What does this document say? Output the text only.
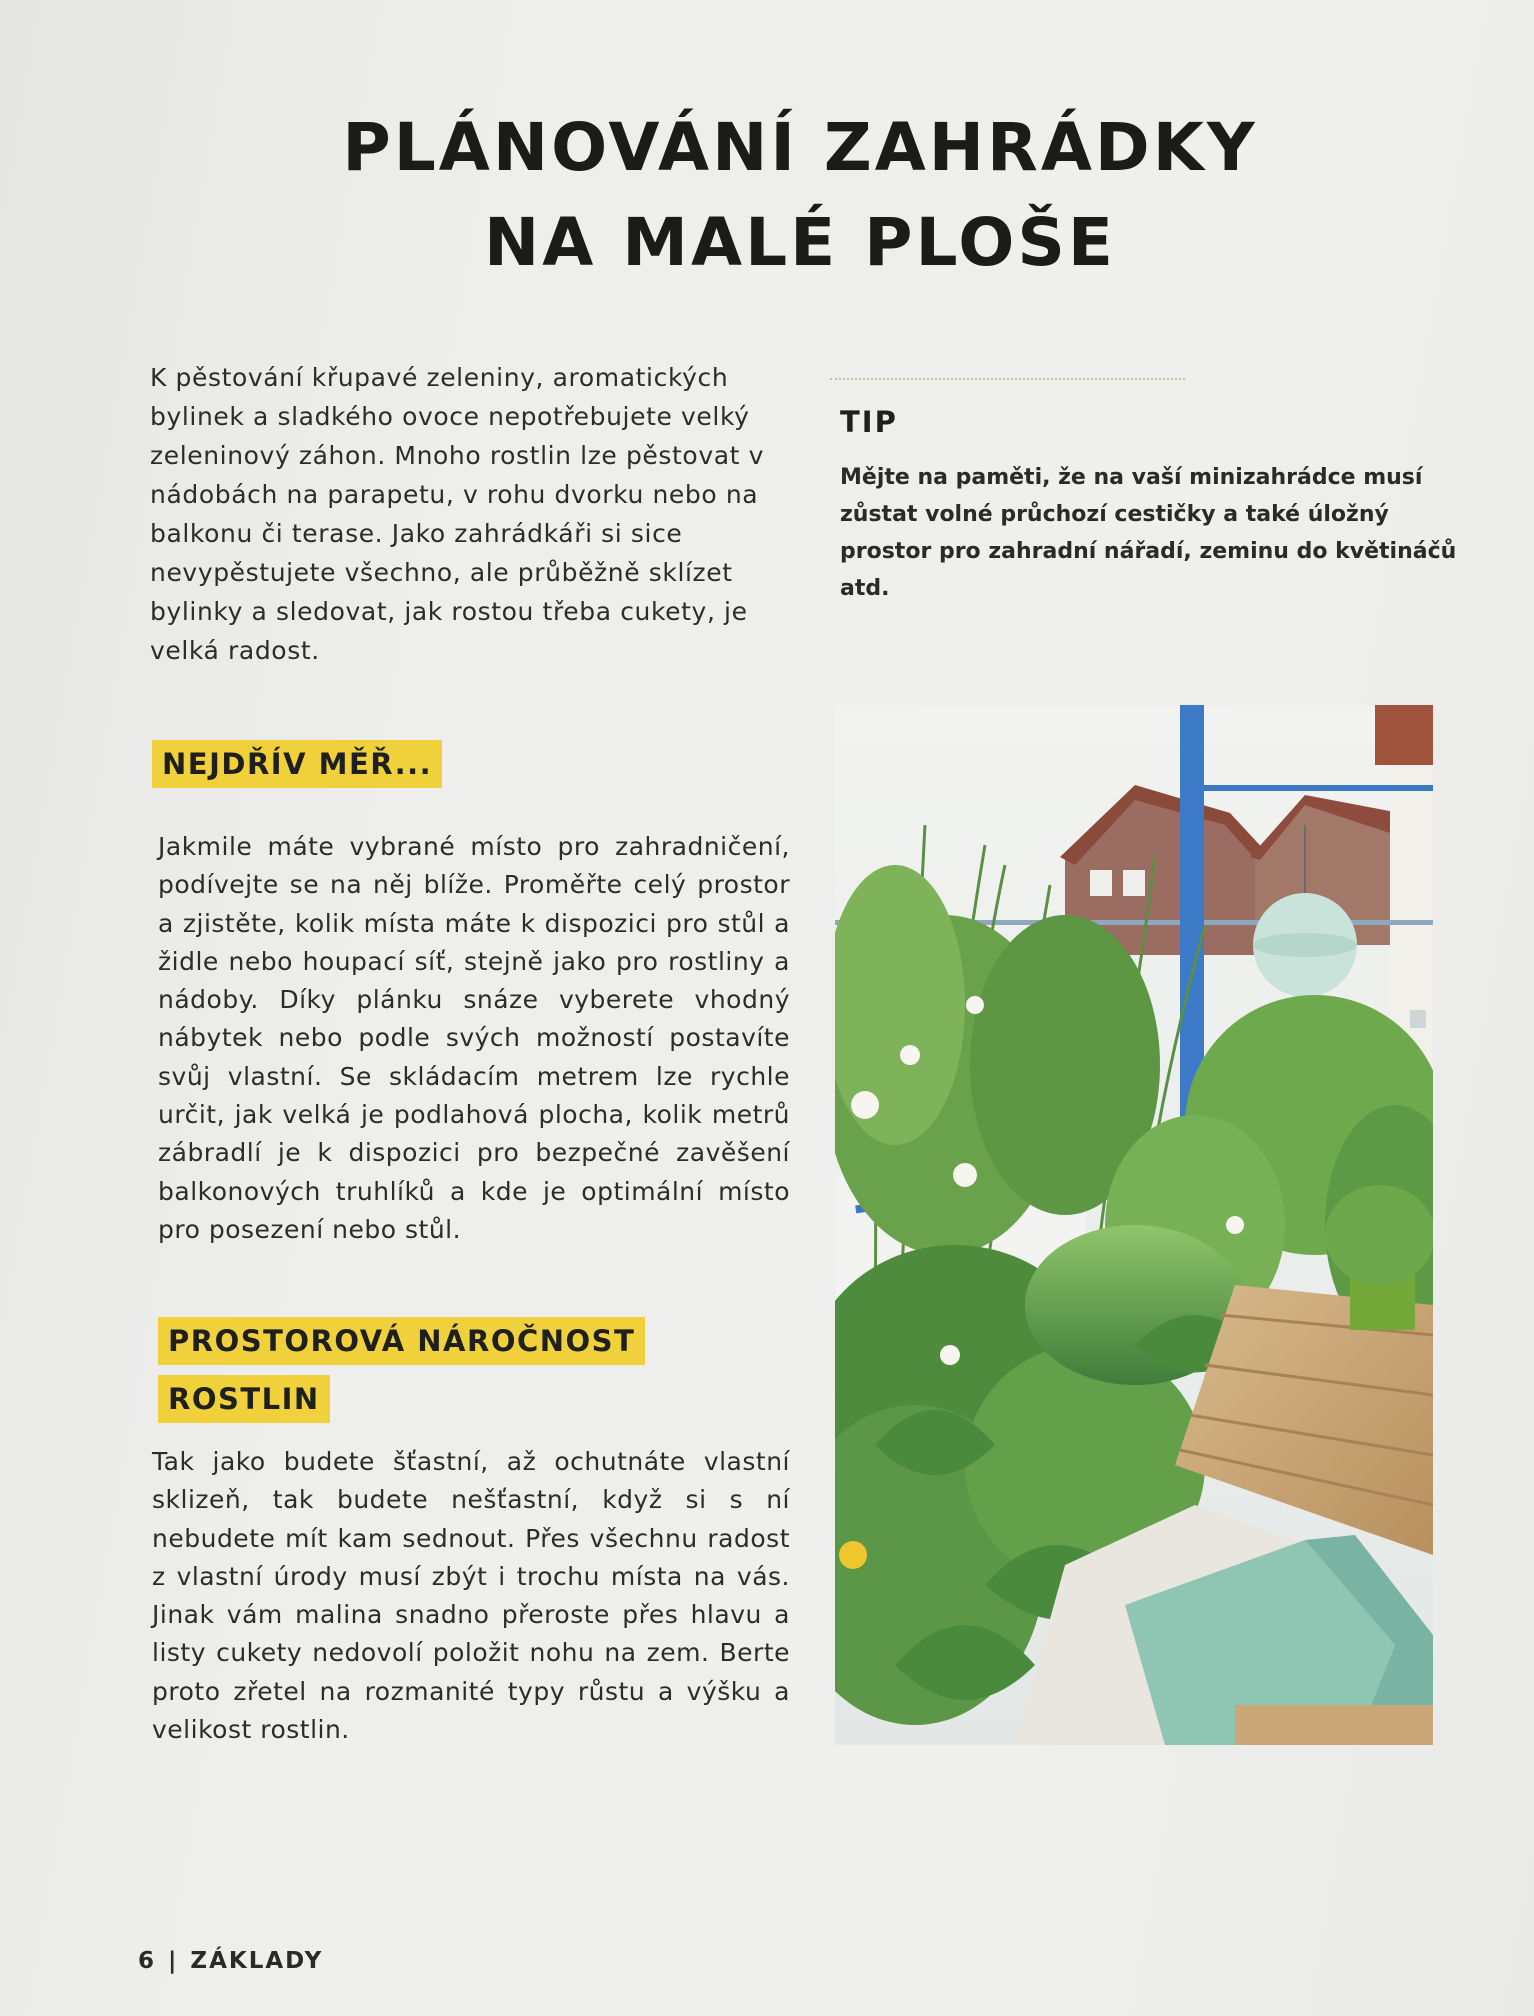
PLÁNOVÁNÍ ZAHRÁDKY
NA MALÉ PLOŠE

K pěstování křupavé zeleniny, aromatických bylinek a sladkého ovoce nepotřebujete velký zeleninový záhon. Mnoho rostlin lze pěstovat v nádobách na parapetu, v rohu dvorku nebo na balkonu či terase. Jako zahrádkáři si sice nevypěstujete všechno, ale průběžně sklízet bylinky a sledovat, jak rostou třeba cukety, je velká radost.

TIP
Mějte na paměti, že na vaší minizahrádce musí zůstat volné průchozí cestičky a také úložný prostor pro zahradní nářadí, zeminu do květináčů atd.
NEJDŘÍV MĚŘ...

Jakmile máte vybrané místo pro zahradničení, podívejte se na něj blíže. Proměřte celý prostor a zjistěte, kolik místa máte k dispozici pro stůl a židle nebo houpací síť, stejně jako pro rostliny a nádoby. Díky plánku snáze vyberete vhodný nábytek nebo podle svých možností postavíte svůj vlastní. Se skládacím metrem lze rychle určit, jak velká je podlahová plocha, kolik metrů zábradlí je k dispozici pro bezpečné zavěšení balkonových truhlíků a kde je optimální místo pro posezení nebo stůl.

PROSTOROVÁ NÁROČNOST
ROSTLIN

Tak jako budete šťastní, až ochutnáte vlastní sklizeň, tak budete nešťastní, když si s ní nebudete mít kam sednout. Přes všechnu radost z vlastní úrody musí zbýt i trochu místa na vás. Jinak vám malina snadno přeroste přes hlavu a listy cukety nedovolí položit nohu na zem. Berte proto zřetel na rozmanité typy růstu a výšku a velikost rostlin.

6 | ZÁKLADY
